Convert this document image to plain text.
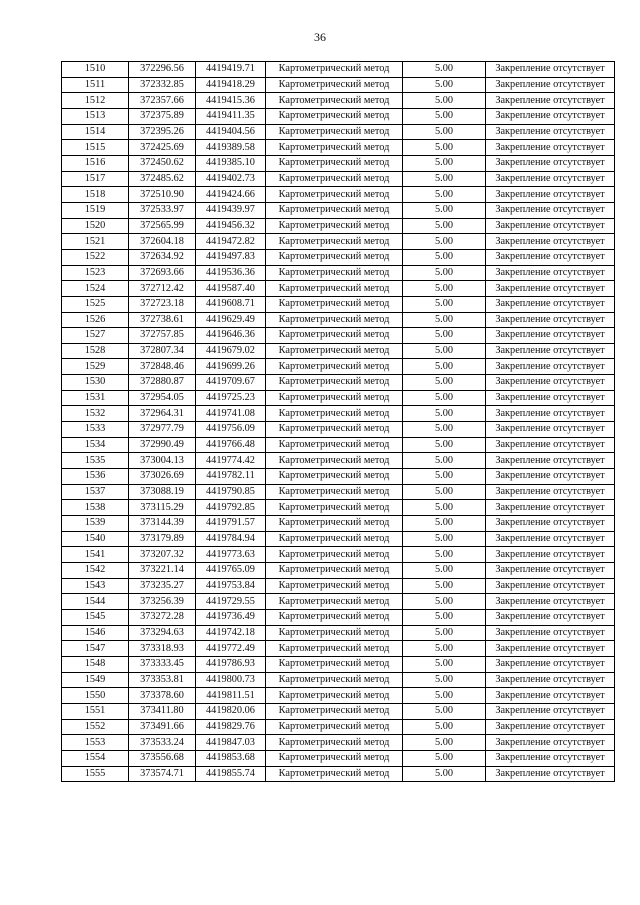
36
1510	372296.56	4419419.71	Картометрический метод	5.00	Закрепление отсутствует
1511	372332.85	4419418.29	Картометрический метод	5.00	Закрепление отсутствует
1512	372357.66	4419415.36	Картометрический метод	5.00	Закрепление отсутствует
1513	372375.89	4419411.35	Картометрический метод	5.00	Закрепление отсутствует
1514	372395.26	4419404.56	Картометрический метод	5.00	Закрепление отсутствует
1515	372425.69	4419389.58	Картометрический метод	5.00	Закрепление отсутствует
1516	372450.62	4419385.10	Картометрический метод	5.00	Закрепление отсутствует
1517	372485.62	4419402.73	Картометрический метод	5.00	Закрепление отсутствует
1518	372510.90	4419424.66	Картометрический метод	5.00	Закрепление отсутствует
1519	372533.97	4419439.97	Картометрический метод	5.00	Закрепление отсутствует
1520	372565.99	4419456.32	Картометрический метод	5.00	Закрепление отсутствует
1521	372604.18	4419472.82	Картометрический метод	5.00	Закрепление отсутствует
1522	372634.92	4419497.83	Картометрический метод	5.00	Закрепление отсутствует
1523	372693.66	4419536.36	Картометрический метод	5.00	Закрепление отсутствует
1524	372712.42	4419587.40	Картометрический метод	5.00	Закрепление отсутствует
1525	372723.18	4419608.71	Картометрический метод	5.00	Закрепление отсутствует
1526	372738.61	4419629.49	Картометрический метод	5.00	Закрепление отсутствует
1527	372757.85	4419646.36	Картометрический метод	5.00	Закрепление отсутствует
1528	372807.34	4419679.02	Картометрический метод	5.00	Закрепление отсутствует
1529	372848.46	4419699.26	Картометрический метод	5.00	Закрепление отсутствует
1530	372880.87	4419709.67	Картометрический метод	5.00	Закрепление отсутствует
1531	372954.05	4419725.23	Картометрический метод	5.00	Закрепление отсутствует
1532	372964.31	4419741.08	Картометрический метод	5.00	Закрепление отсутствует
1533	372977.79	4419756.09	Картометрический метод	5.00	Закрепление отсутствует
1534	372990.49	4419766.48	Картометрический метод	5.00	Закрепление отсутствует
1535	373004.13	4419774.42	Картометрический метод	5.00	Закрепление отсутствует
1536	373026.69	4419782.11	Картометрический метод	5.00	Закрепление отсутствует
1537	373088.19	4419790.85	Картометрический метод	5.00	Закрепление отсутствует
1538	373115.29	4419792.85	Картометрический метод	5.00	Закрепление отсутствует
1539	373144.39	4419791.57	Картометрический метод	5.00	Закрепление отсутствует
1540	373179.89	4419784.94	Картометрический метод	5.00	Закрепление отсутствует
1541	373207.32	4419773.63	Картометрический метод	5.00	Закрепление отсутствует
1542	373221.14	4419765.09	Картометрический метод	5.00	Закрепление отсутствует
1543	373235.27	4419753.84	Картометрический метод	5.00	Закрепление отсутствует
1544	373256.39	4419729.55	Картометрический метод	5.00	Закрепление отсутствует
1545	373272.28	4419736.49	Картометрический метод	5.00	Закрепление отсутствует
1546	373294.63	4419742.18	Картометрический метод	5.00	Закрепление отсутствует
1547	373318.93	4419772.49	Картометрический метод	5.00	Закрепление отсутствует
1548	373333.45	4419786.93	Картометрический метод	5.00	Закрепление отсутствует
1549	373353.81	4419800.73	Картометрический метод	5.00	Закрепление отсутствует
1550	373378.60	4419811.51	Картометрический метод	5.00	Закрепление отсутствует
1551	373411.80	4419820.06	Картометрический метод	5.00	Закрепление отсутствует
1552	373491.66	4419829.76	Картометрический метод	5.00	Закрепление отсутствует
1553	373533.24	4419847.03	Картометрический метод	5.00	Закрепление отсутствует
1554	373556.68	4419853.68	Картометрический метод	5.00	Закрепление отсутствует
1555	373574.71	4419855.74	Картометрический метод	5.00	Закрепление отсутствует
